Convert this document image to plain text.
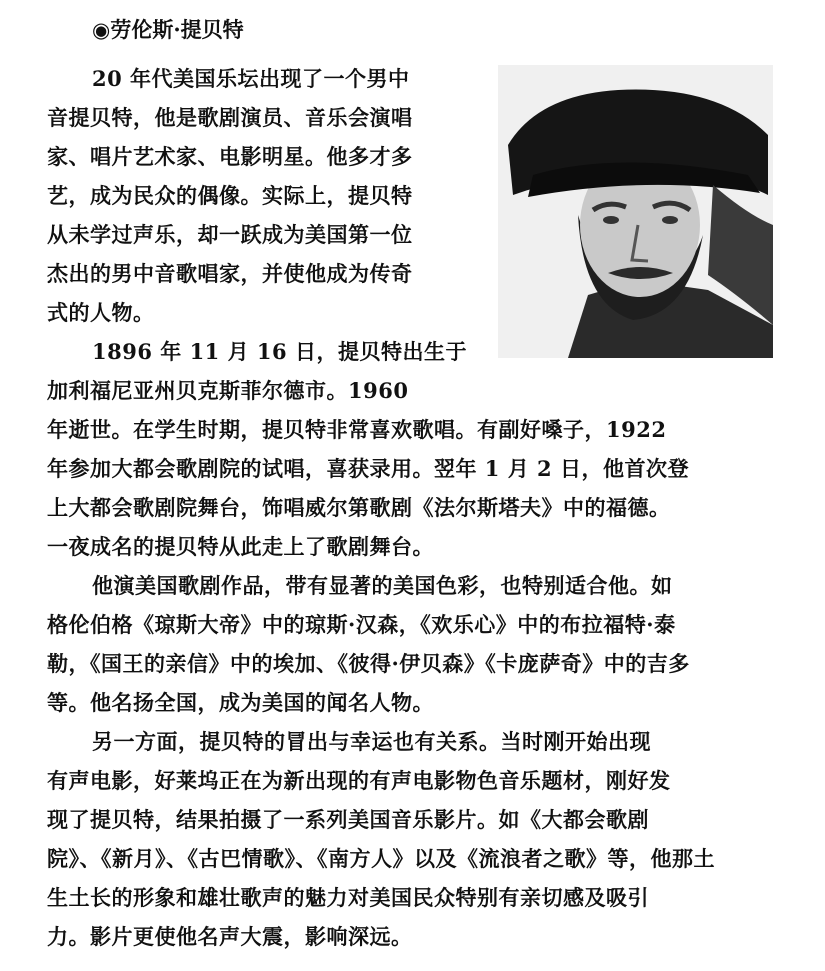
◉劳伦斯·提贝特
20 年代美国乐坛出现了一个男中
音提贝特，他是歌剧演员、音乐会演唱
家、唱片艺术家、电影明星。他多才多
艺，成为民众的偶像。实际上，提贝特
从未学过声乐，却一跃成为美国第一位
杰出的男中音歌唱家，并使他成为传奇
式的人物。
1896 年 11 月 16 日，提贝特出生于
加利福尼亚州贝克斯菲尔德市。1960
年逝世。在学生时期，提贝特非常喜欢歌唱。有副好嗓子，1922
年参加大都会歌剧院的试唱，喜获录用。翌年 1 月 2 日，他首次登
上大都会歌剧院舞台，饰唱威尔第歌剧《法尔斯塔夫》中的福德。
一夜成名的提贝特从此走上了歌剧舞台。
他演美国歌剧作品，带有显著的美国色彩，也特别适合他。如
格伦伯格《琼斯大帝》中的琼斯·汉森，《欢乐心》中的布拉福特·泰
勒，《国王的亲信》中的埃加、《彼得·伊贝森》《卡庞萨奇》中的吉多
等。他名扬全国，成为美国的闻名人物。
另一方面，提贝特的冒出与幸运也有关系。当时刚开始出现
有声电影，好莱坞正在为新出现的有声电影物色音乐题材，刚好发
现了提贝特，结果拍摄了一系列美国音乐影片。如《大都会歌剧
院》、《新月》、《古巴情歌》、《南方人》以及《流浪者之歌》等，他那土
生土长的形象和雄壮歌声的魅力对美国民众特别有亲切感及吸引
力。影片更使他名声大震，影响深远。
